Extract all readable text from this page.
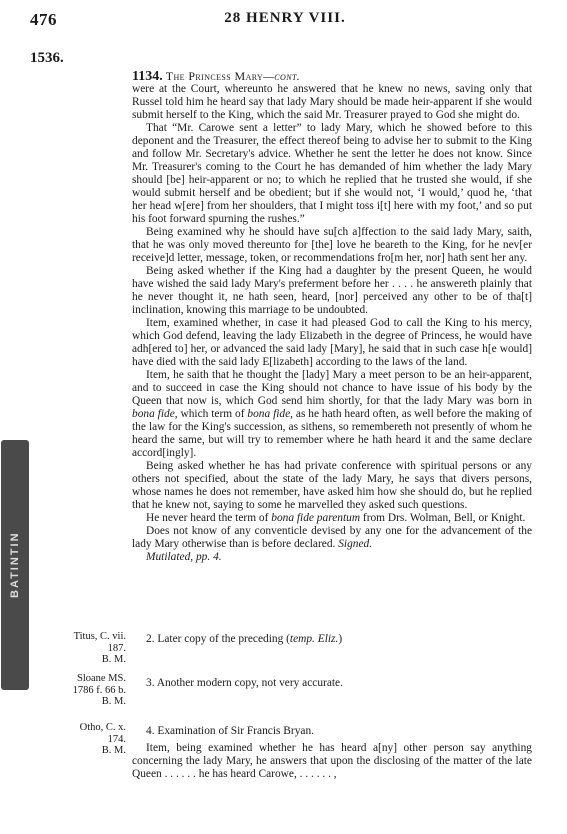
476	28 HENRY VIII.
1536.
BATINTIN

1134. The Princess Mary—cont.

were at the Court, whereunto he answered that he knew no news, saving only that Russel told him he heard say that lady Mary should be made heir-apparent if she would submit herself to the King, which the said Mr. Treasurer prayed to God she might do.

That “Mr. Carowe sent a letter” to lady Mary, which he showed before to this deponent and the Treasurer, the effect thereof being to advise her to submit to the King and follow Mr. Secretary's advice. Whether he sent the letter he does not know. Since Mr. Treasurer's coming to the Court he has demanded of him whether the lady Mary should [be] heir-apparent or no; to which he replied that he trusted she would, if she would submit herself and be obedient; but if she would not, ‘I would,’ quod he, ‘that her head w[ere] from her shoulders, that I might toss i[t] here with my foot,’ and so put his foot forward spurning the rushes.”

Being examined why he should have su[ch a]ffection to the said lady Mary, saith, that he was only moved thereunto for [the] love he beareth to the King, for he nev[er receive]d letter, message, token, or recommendations fro[m her, nor] hath sent her any.

Being asked whether if the King had a daughter by the present Queen, he would have wished the said lady Mary's preferment before her . . . . he answereth plainly that he never thought it, ne hath seen, heard, [nor] perceived any other to be of tha[t] inclination, knowing this marriage to be undoubted.

Item, examined whether, in case it had pleased God to call the King to his mercy, which God defend, leaving the lady Elizabeth in the degree of Princess, he would have adh[ered to] her, or advanced the said lady [Mary], he said that in such case h[e would] have died with the said lady E[lizabeth] according to the laws of the land.

Item, he saith that he thought the [lady] Mary a meet person to be an heir-apparent, and to succeed in case the King should not chance to have issue of his body by the Queen that now is, which God send him shortly, for that the lady Mary was born in bona fide, which term of bona fide, as he hath heard often, as well before the making of the law for the King's succession, as sithens, so remembereth not presently of whom he heard the same, but will try to remember where he hath heard it and the same declare accord[ingly].

Being asked whether he has had private conference with spiritual persons or any others not specified, about the state of the lady Mary, he says that divers persons, whose names he does not remember, have asked him how she should do, but he replied that he knew not, saying to some he marvelled they asked such questions.

He never heard the term of bona fide parentum from Drs. Wolman, Bell, or Knight.

Does not know of any conventicle devised by any one for the advancement of the lady Mary otherwise than is before declared. Signed.

Mutilated, pp. 4.

Titus, C. vii.
187.
B. M.

2. Later copy of the preceding (temp. Eliz.)

Sloane MS.
1786 f. 66 b.
B. M.

3. Another modern copy, not very accurate.

Otho, C. x.
174.
B. M.

4. Examination of Sir Francis Bryan.

Item, being examined whether he has heard a[ny] other person say anything concerning the lady Mary, he answers that upon the disclosing of the matter of the late Queen . . . . . . he has heard Carowe, . . . . . . ,
